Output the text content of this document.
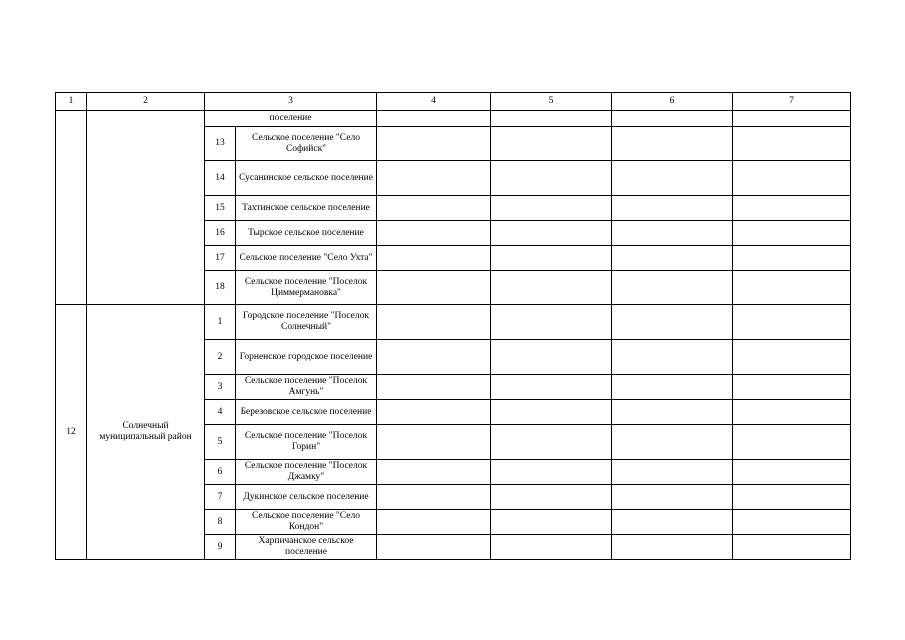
1	2	3		4	5	6	7
		поселение					
		13	Сельское поселение "Село Софийск"				
		14	Сусанинское сельское поселение				
		15	Тахтинское сельское поселение				
		16	Тырское сельское поселение				
		17	Сельское поселение "Село Ухта"				
		18	Сельское поселение "Поселок Циммермановка"				
12	Солнечный муниципальный район	1	Городское поселение "Поселок Солнечный"				
		2	Горненское городское поселение				
		3	Сельское поселение "Поселок Амгунь"				
		4	Березовское сельское поселение				
		5	Сельское поселение "Поселок Горин"				
		6	Сельское поселение "Поселок Джамку"				
		7	Дукинское сельское поселение				
		8	Сельское поселение "Село Кондон"				
		9	Харпичанское сельское поселение				
